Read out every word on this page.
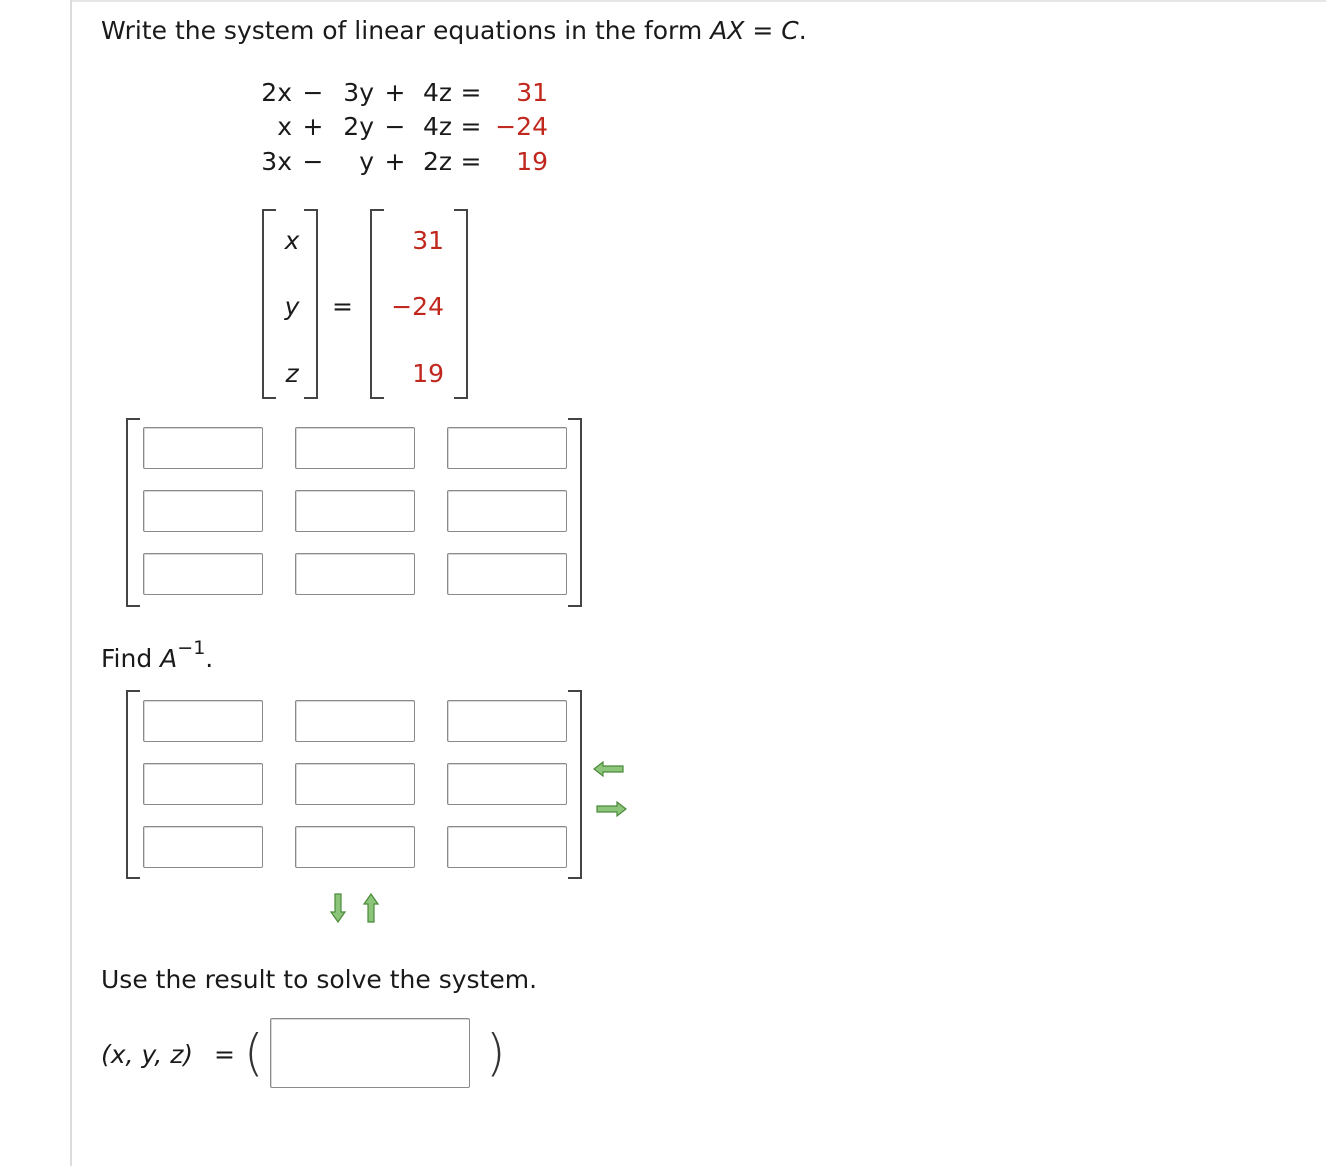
Write the system of linear equations in the form AX = C.
2x − 3y + 4z =	31
x + 2y − 4z = −24
3x −	y + 2z =	19
x
y
z
=
31
−24
19
Find $A^{-1}$.
Use the result to solve the system.
(x, y, z) = (	)
